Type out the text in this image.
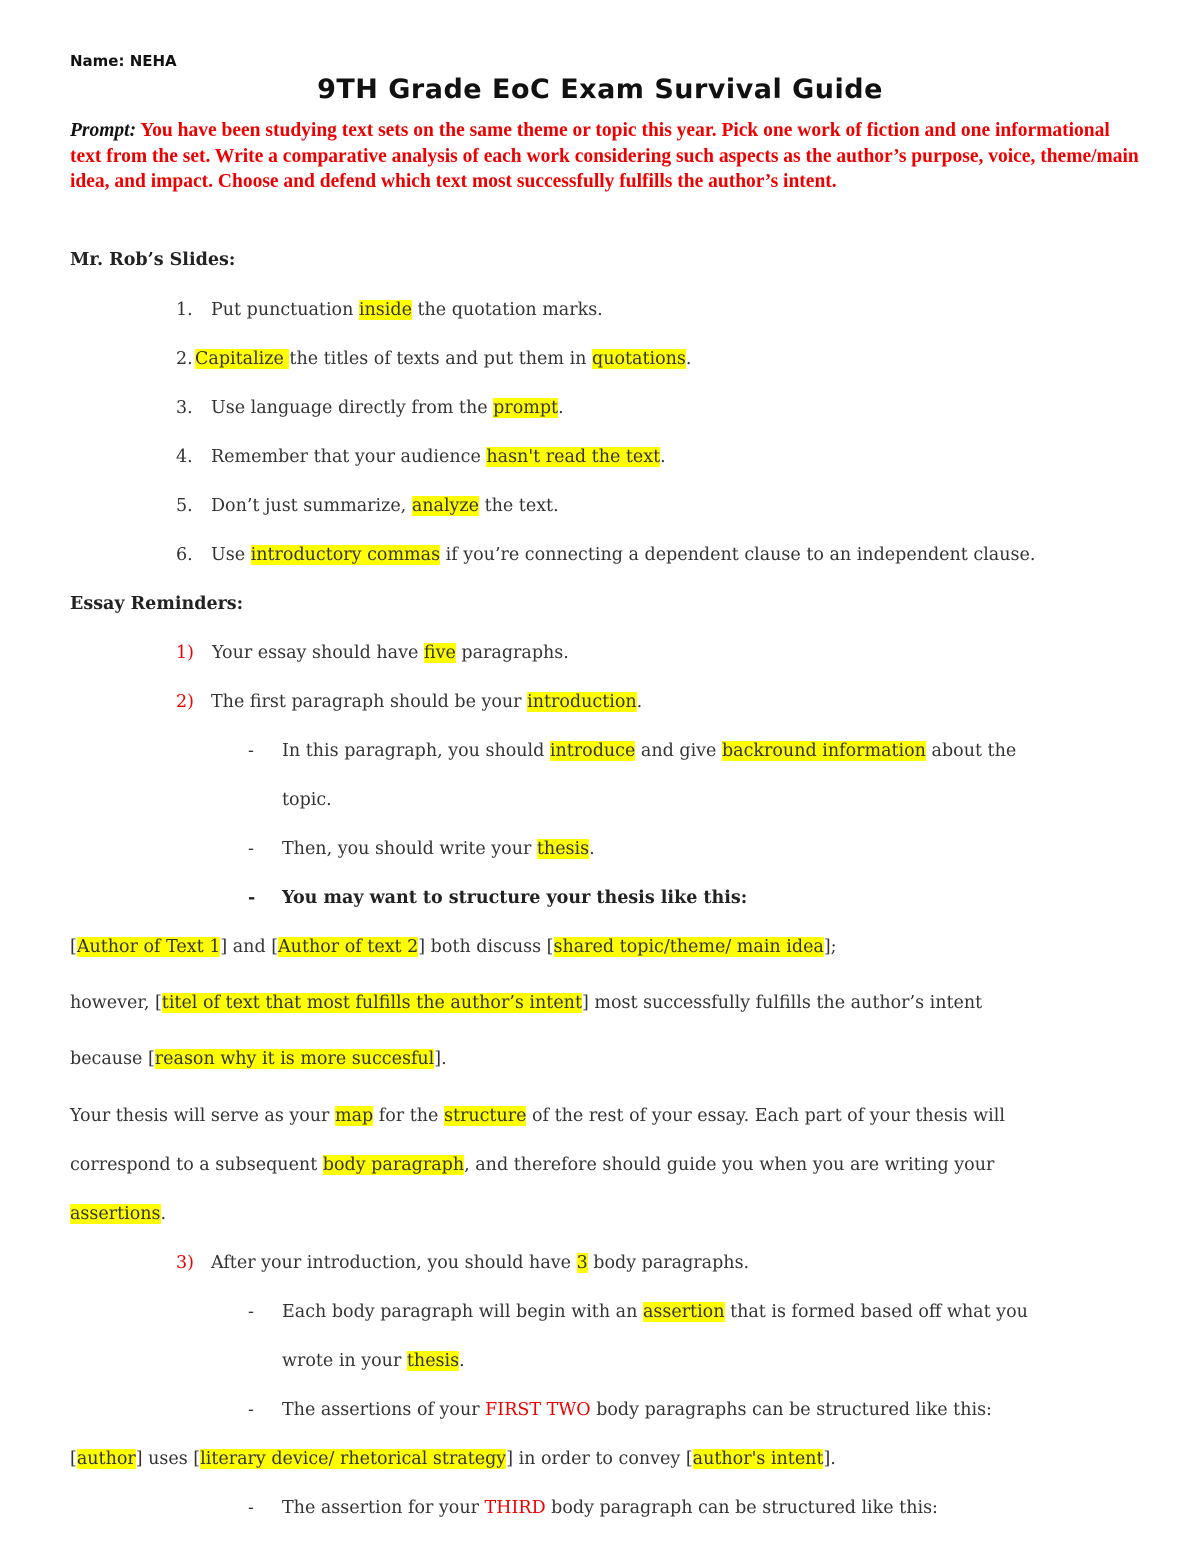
Name: NEHA
9TH Grade EoC Exam Survival Guide
Prompt: You have been studying text sets on the same theme or topic this year. Pick one work of fiction and one informational text from the set. Write a comparative analysis of each work considering such aspects as the author’s purpose, voice, theme/main idea, and impact. Choose and defend which text most successfully fulfills the author’s intent.
Mr. Rob’s Slides:
1. Put punctuation inside the quotation marks.
2. Capitalize the titles of texts and put them in quotations.
3. Use language directly from the prompt.
4. Remember that your audience hasn't read the text.
5. Don’t just summarize, analyze the text.
6. Use introductory commas if you’re connecting a dependent clause to an independent clause.
Essay Reminders:
1) Your essay should have five paragraphs.
2) The first paragraph should be your introduction.
- In this paragraph, you should introduce and give backround information about the
topic.
- Then, you should write your thesis.
- You may want to structure your thesis like this:
[Author of Text 1] and [Author of text 2] both discuss [shared topic/theme/ main idea];
however, [titel of text that most fulfills the author’s intent] most successfully fulfills the author’s intent
because [reason why it is more succesful].
Your thesis will serve as your map for the structure of the rest of your essay. Each part of your thesis will
correspond to a subsequent body paragraph, and therefore should guide you when you are writing your
assertions.
3) After your introduction, you should have 3 body paragraphs.
- Each body paragraph will begin with an assertion that is formed based off what you
wrote in your thesis.
- The assertions of your FIRST TWO body paragraphs can be structured like this:
[author] uses [literary device/ rhetorical strategy] in order to convey [author's intent].
- The assertion for your THIRD body paragraph can be structured like this:
